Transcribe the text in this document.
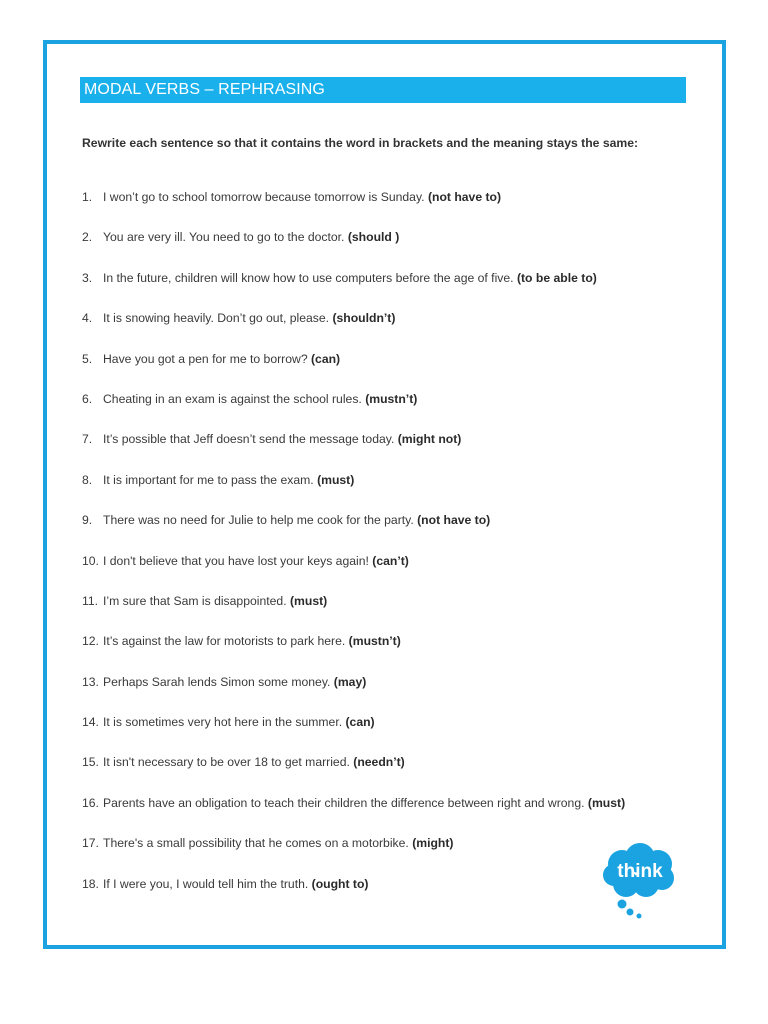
MODAL VERBS – REPHRASING
Rewrite each sentence so that it contains the word in brackets and the meaning stays the same:
1. I won’t go to school tomorrow because tomorrow is Sunday. (not have to)
2. You are very ill. You need to go to the doctor. (should )
3. In the future, children will know how to use computers before the age of five. (to be able to)
4. It is snowing heavily. Don’t go out, please. (shouldn’t)
5. Have you got a pen for me to borrow? (can)
6. Cheating in an exam is against the school rules. (mustn’t)
7. It’s possible that Jeff doesn’t send the message today. (might not)
8. It is important for me to pass the exam. (must)
9. There was no need for Julie to help me cook for the party. (not have to)
10. I don't believe that you have lost your keys again! (can’t)
11. I’m sure that Sam is disappointed. (must)
12. It’s against the law for motorists to park here. (mustn’t)
13. Perhaps Sarah lends Simon some money. (may)
14. It is sometimes very hot here in the summer. (can)
15. It isn't necessary to be over 18 to get married. (needn’t)
16. Parents have an obligation to teach their children the difference between right and wrong. (must)
17. There's a small possibility that he comes on a motorbike. (might)
18. If I were you, I would tell him the truth. (ought to)
think
